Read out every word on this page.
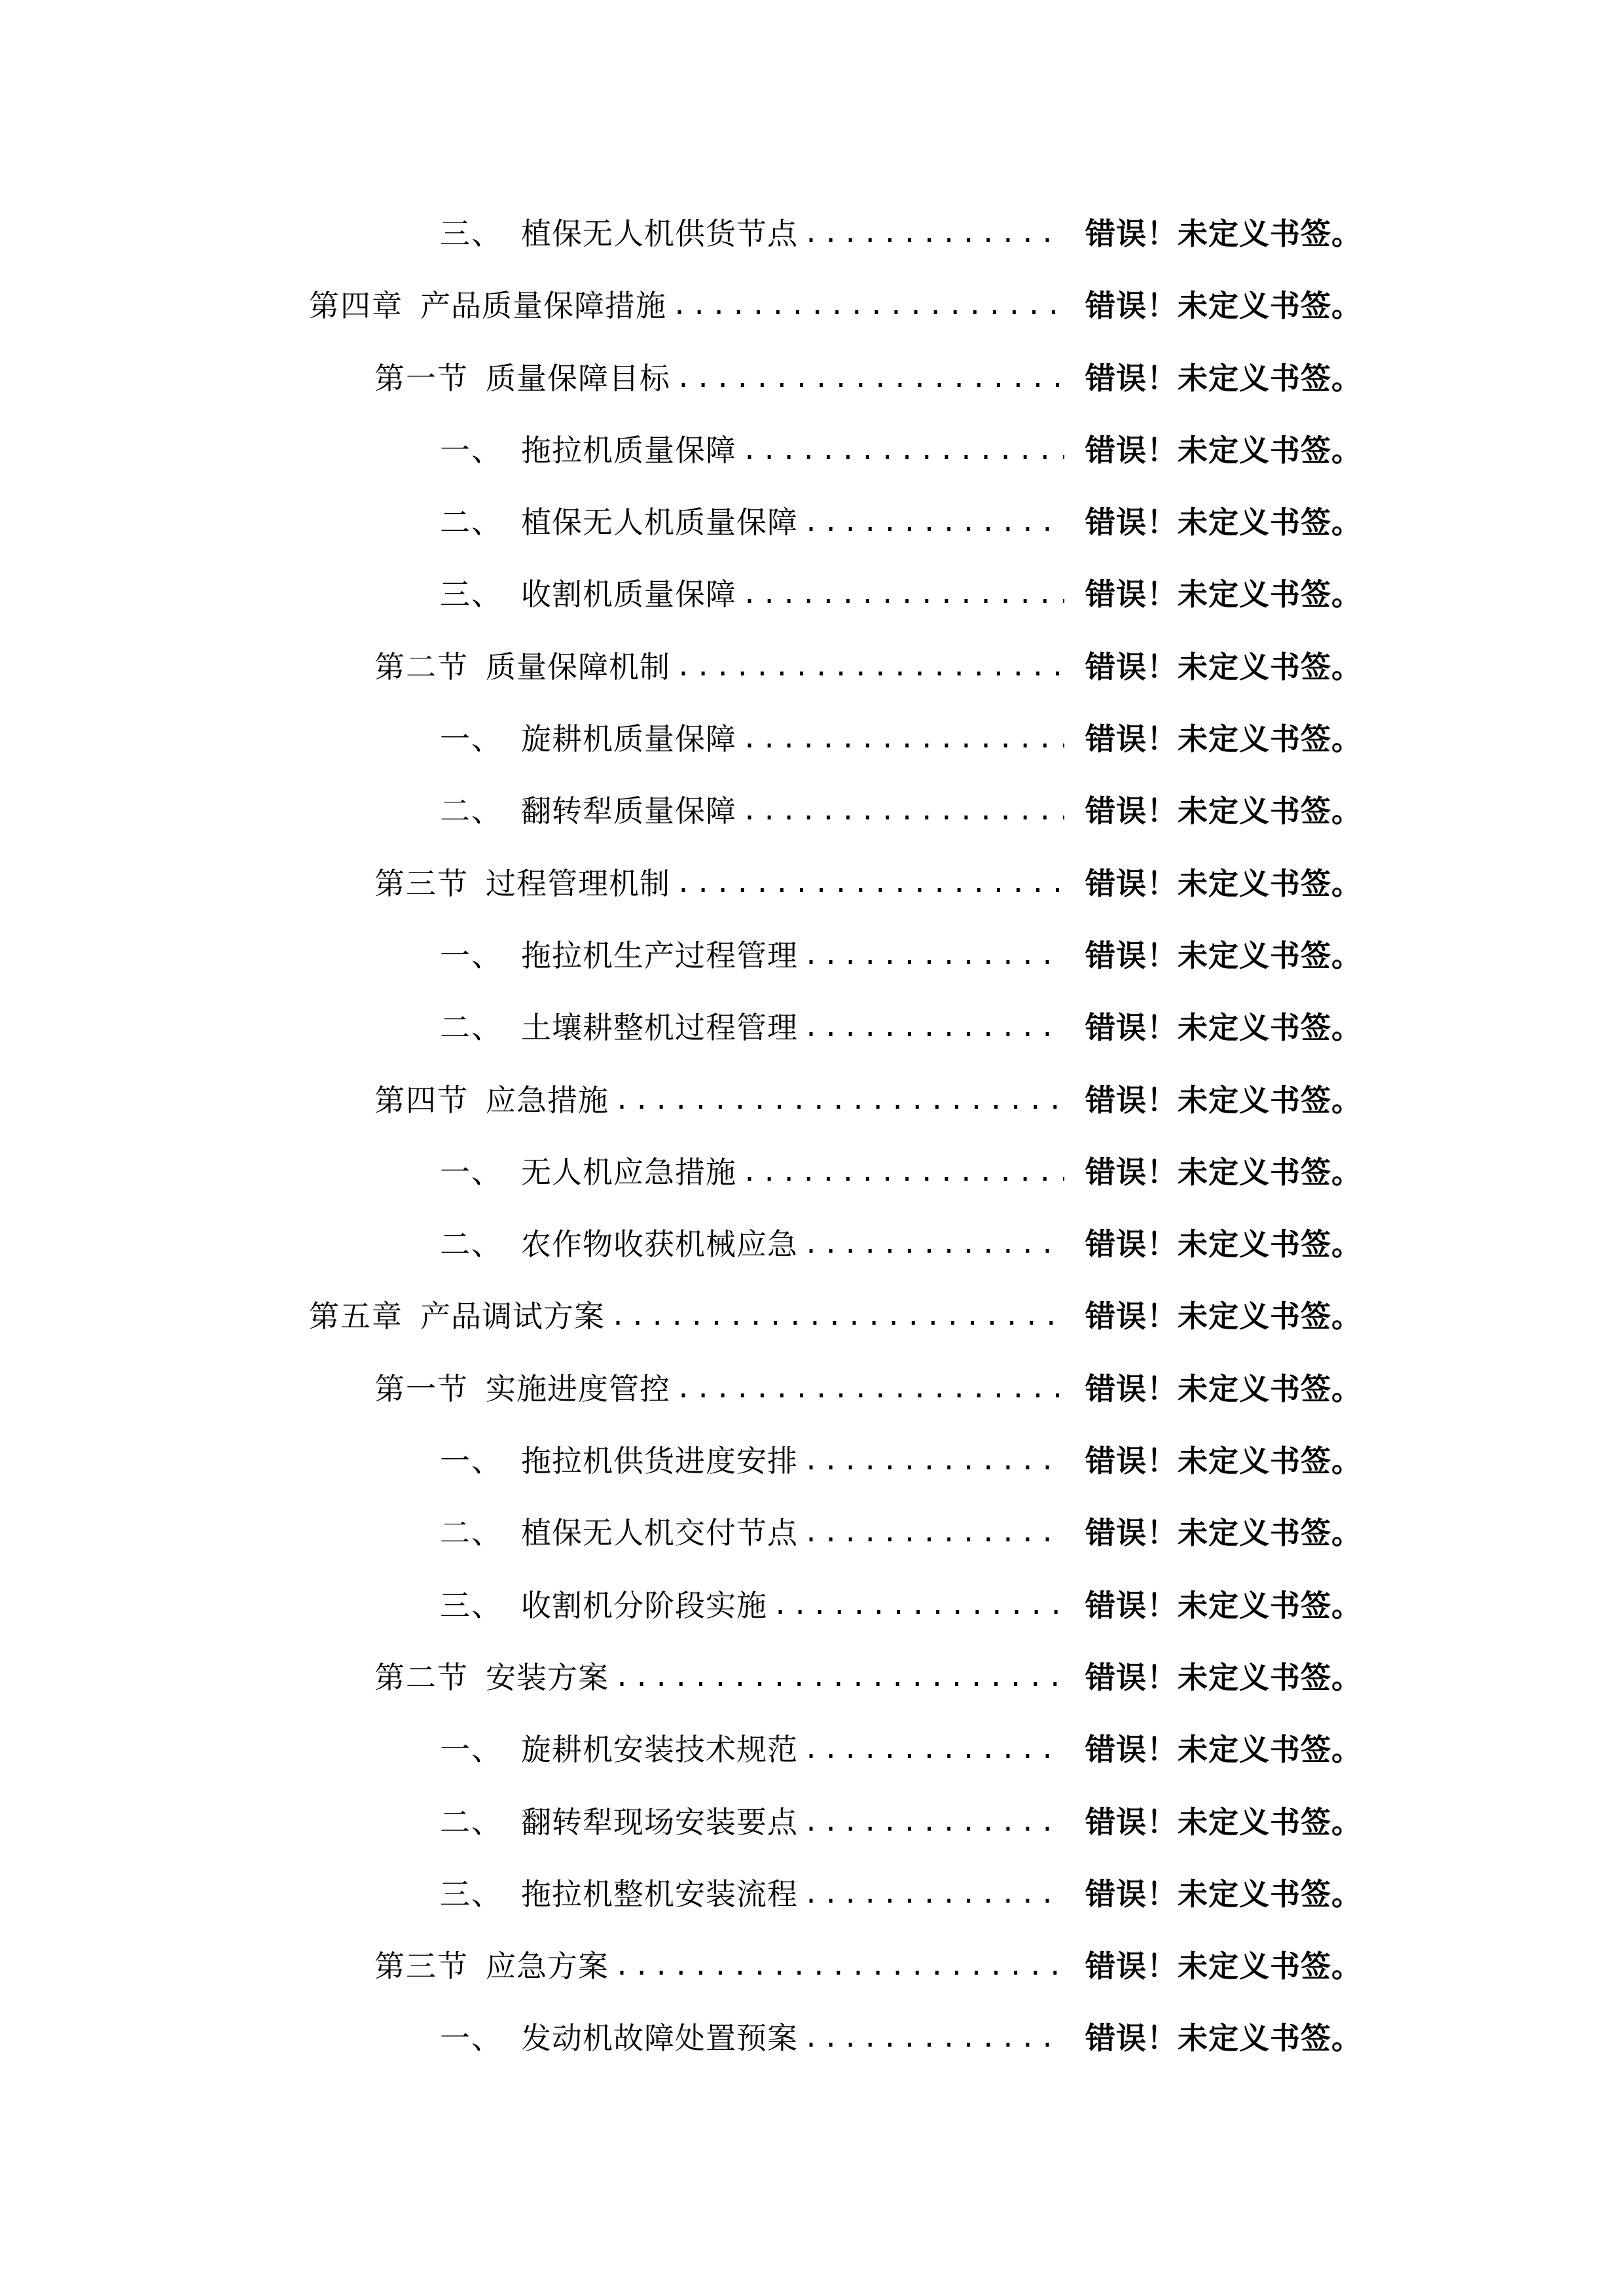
三、 植保无人机供货节点 .....	错误！未定义书签。
第四章 产品质量保障措施 .....	错误！未定义书签。
第一节 质量保障目标 .....	错误！未定义书签。
一、 拖拉机质量保障 .....	错误！未定义书签。
二、 植保无人机质量保障 .....	错误！未定义书签。
三、 收割机质量保障 .....	错误！未定义书签。
第二节 质量保障机制 .....	错误！未定义书签。
一、 旋耕机质量保障 .....	错误！未定义书签。
二、 翻转犁质量保障 .....	错误！未定义书签。
第三节 过程管理机制 .....	错误！未定义书签。
一、 拖拉机生产过程管理 .....	错误！未定义书签。
二、 土壤耕整机过程管理 .....	错误！未定义书签。
第四节 应急措施 .....	错误！未定义书签。
一、 无人机应急措施 .....	错误！未定义书签。
二、 农作物收获机械应急 .....	错误！未定义书签。
第五章 产品调试方案 .....	错误！未定义书签。
第一节 实施进度管控 .....	错误！未定义书签。
一、 拖拉机供货进度安排 .....	错误！未定义书签。
二、 植保无人机交付节点 .....	错误！未定义书签。
三、 收割机分阶段实施 .....	错误！未定义书签。
第二节 安装方案 .....	错误！未定义书签。
一、 旋耕机安装技术规范 .....	错误！未定义书签。
二、 翻转犁现场安装要点 .....	错误！未定义书签。
三、 拖拉机整机安装流程 .....	错误！未定义书签。
第三节 应急方案 .....	错误！未定义书签。
一、 发动机故障处置预案 .....	错误！未定义书签。
